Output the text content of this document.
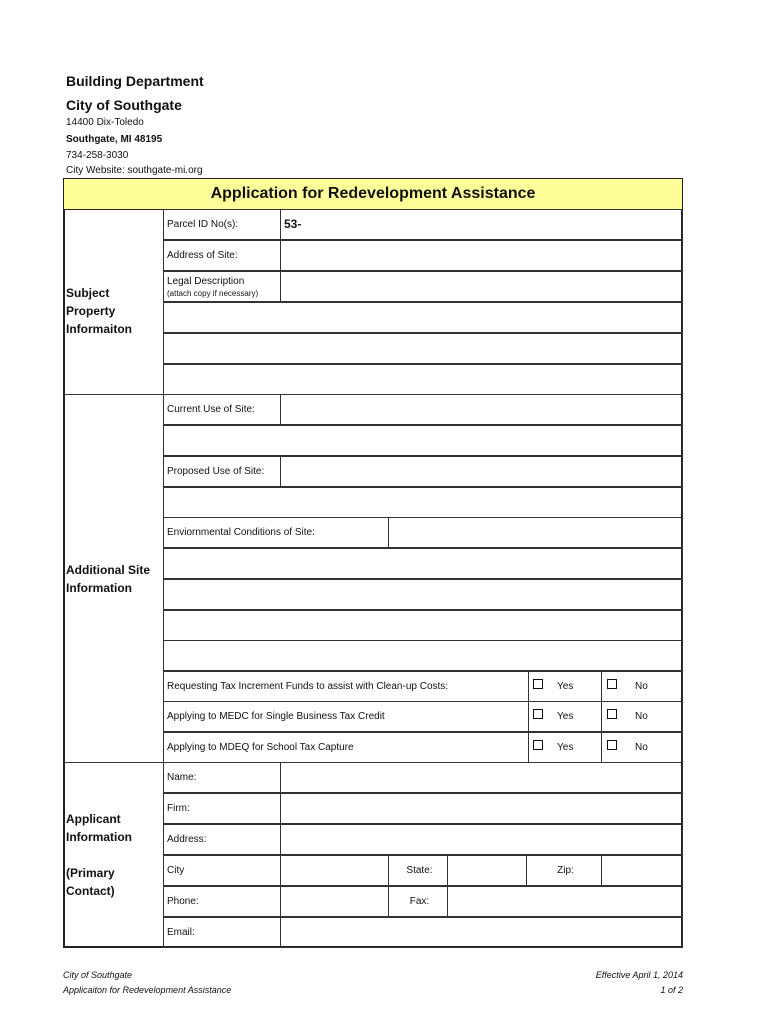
Building Department
City of Southgate
14400 Dix-Toledo
Southgate, MI 48195
734-258-3030
City Website: southgate-mi.org
Application for Redevelopment Assistance
Subject Property Informaiton
Additional Site Information
Applicant Information
(Primary Contact)
Parcel ID No(s):	53-
Address of Site:
Legal Description
(attach copy if necessary)
Current Use of Site:
Proposed Use of Site:
Enviornmental Conditions of Site:
Requesting Tax Increment Funds to assist with Clean-up Costs:	Yes	No
Applying to MEDC for Single Business Tax Credit	Yes	No
Applying to MDEQ for School Tax Capture	Yes	No
Name:
Firm:
Address:
City	State:	Zip:
Phone:	Fax:
Email:
City of Southgate
Applicaiton for Redevelopment Assistance
Effective April 1, 2014
1 of 2
